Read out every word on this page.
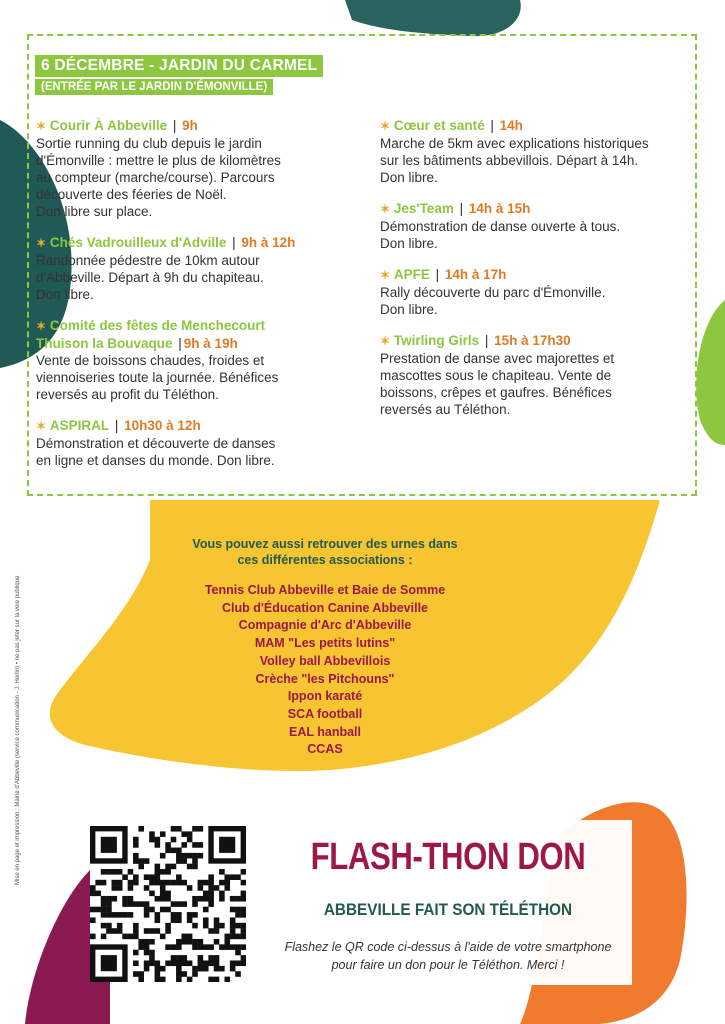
6 DÉCEMBRE - JARDIN DU CARMEL
(ENTRÉE PAR LE JARDIN D'ÉMONVILLE)
✶ Courir À Abbeville | 9h
Sortie running du club depuis le jardin
d'Émonville : mettre le plus de kilomètres
au compteur (marche/course). Parcours
découverte des féeries de Noël.
Don libre sur place.
✶ Chés Vadrouilleux d'Adville | 9h à 12h
Randonnée pédestre de 10km autour
d'Abbeville. Départ à 9h du chapiteau.
Don libre.
✶ Comité des fêtes de Menchecourt
Thuison la Bouvaque | 9h à 19h
Vente de boissons chaudes, froides et
viennoiseries toute la journée. Bénéfices
reversés au profit du Téléthon.
✶ ASPIRAL | 10h30 à 12h
Démonstration et découverte de danses
en ligne et danses du monde. Don libre.
✶ Cœur et santé | 14h
Marche de 5km avec explications historiques
sur les bâtiments abbevillois. Départ à 14h.
Don libre.
✶ Jes'Team | 14h à 15h
Démonstration de danse ouverte à tous.
Don libre.
✶ APFE | 14h à 17h
Rally découverte du parc d'Émonville.
Don libre.
✶ Twirling Girls | 15h à 17h30
Prestation de danse avec majorettes et
mascottes sous le chapiteau. Vente de
boissons, crêpes et gaufres. Bénéfices
reversés au Téléthon.
Vous pouvez aussi retrouver des urnes dans
ces différentes associations :
Tennis Club Abbeville et Baie de Somme
Club d'Éducation Canine Abbeville
Compagnie d'Arc d'Abbeville
MAM "Les petits lutins"
Volley ball Abbevillois
Crèche "les Pitchouns"
Ippon karaté
SCA football
EAL hanball
CCAS
Mise en page et impression : Mairie d'Abbeville (service communication - J. Herlin) • ne pas jeter sur la voie publique	FLASH-THON DON
ABBEVILLE FAIT SON TÉLÉTHON
Flashez le QR code ci-dessus à l'aide de votre smartphone
pour faire un don pour le Téléthon. Merci !
